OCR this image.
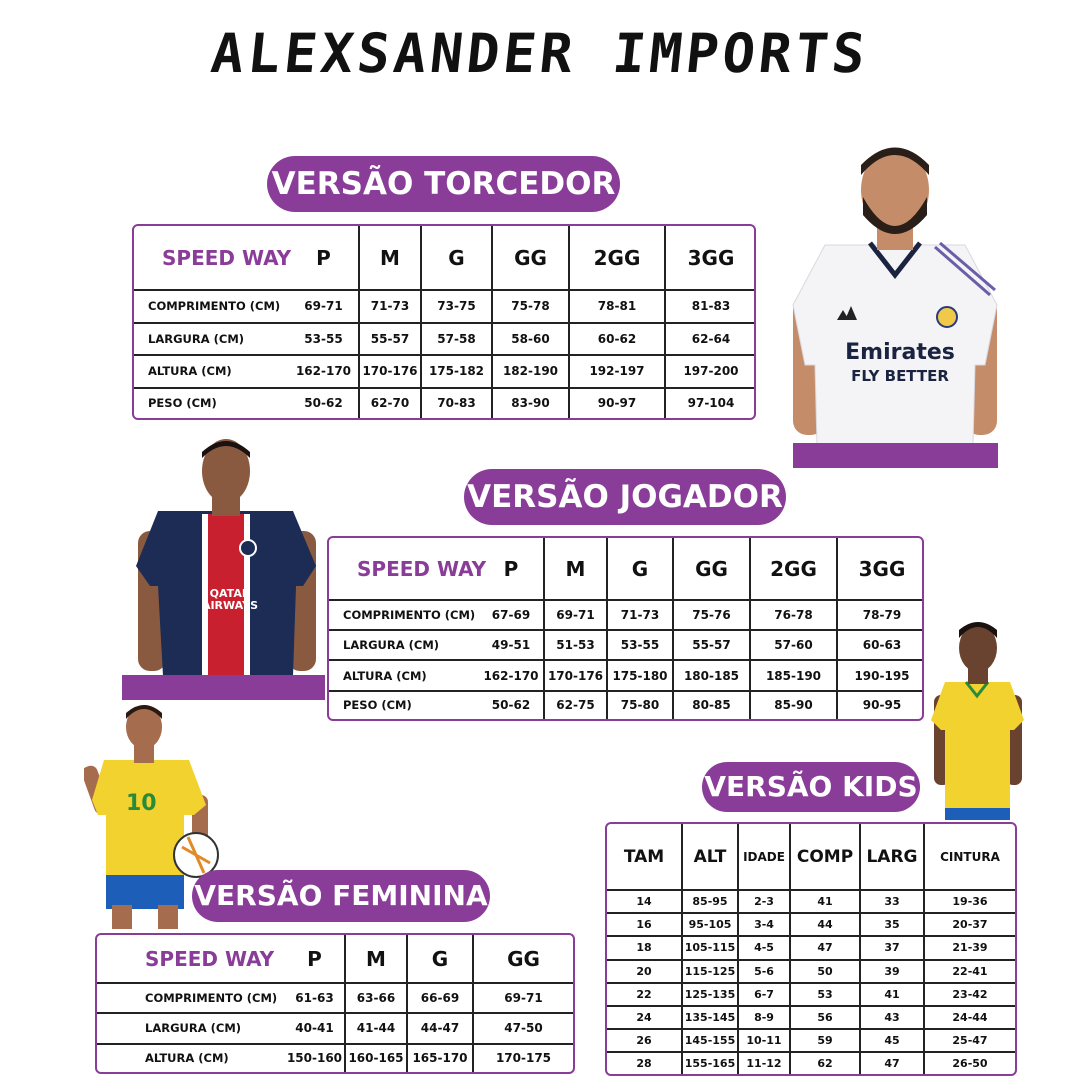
ALEXSANDER IMPORTS
Emirates
FLY BETTER
VERSÃO TORCEDOR
SPEED WAY	P	M	G	GG	2GG	3GG
COMPRIMENTO (CM)	69-71	71-73	73-75	75-78	78-81	81-83
LARGURA (CM)	53-55	55-57	57-58	58-60	60-62	62-64
ALTURA (CM)	162-170	170-176	175-182	182-190	192-197	197-200
PESO (CM)	50-62	62-70	70-83	83-90	90-97	97-104
QATAR AIRWAYS
VERSÃO JOGADOR
SPEED WAY	P	M	G	GG	2GG	3GG
COMPRIMENTO (CM)	67-69	69-71	71-73	75-76	76-78	78-79
LARGURA (CM)	49-51	51-53	53-55	55-57	57-60	60-63
ALTURA (CM)	162-170	170-176	175-180	180-185	185-190	190-195
PESO (CM)	50-62	62-75	75-80	80-85	85-90	90-95
10
VERSÃO KIDS
TAM	ALT	IDADE	COMP	LARG	CINTURA
14	85-95	2-3	41	33	19-36
16	95-105	3-4	44	35	20-37
18	105-115	4-5	47	37	21-39
20	115-125	5-6	50	39	22-41
22	125-135	6-7	53	41	23-42
24	135-145	8-9	56	43	24-44
26	145-155	10-11	59	45	25-47
28	155-165	11-12	62	47	26-50
VERSÃO FEMININA
SPEED WAY	P	M	G	GG
COMPRIMENTO (CM)	61-63	63-66	66-69	69-71
LARGURA (CM)	40-41	41-44	44-47	47-50
ALTURA (CM)	150-160	160-165	165-170	170-175
